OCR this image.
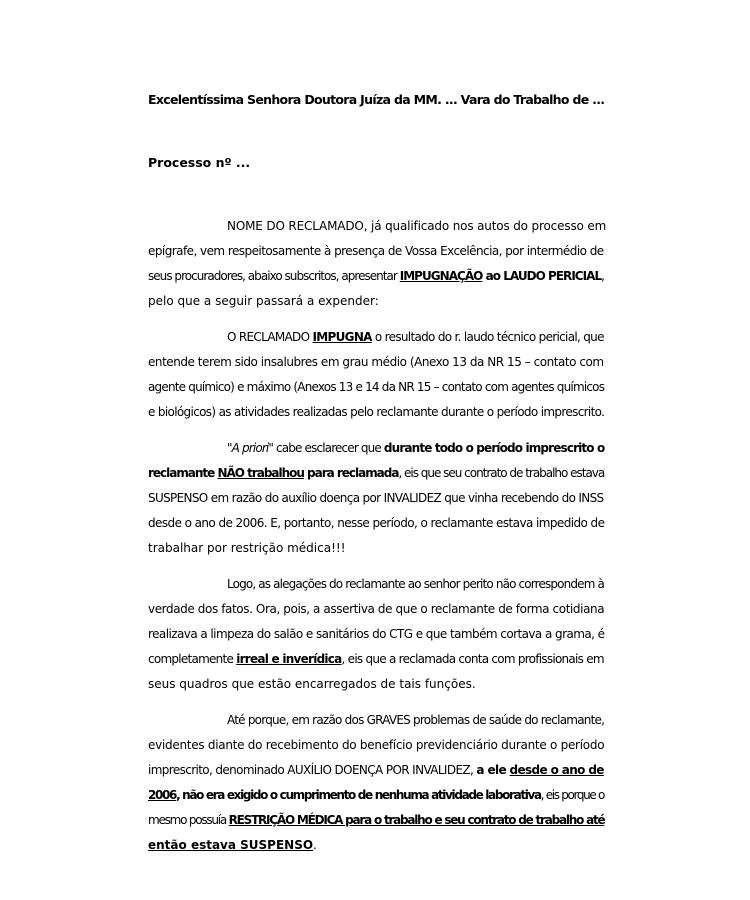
Excelentíssima Senhora Doutora Juíza da MM. ... Vara do Trabalho de ...
Processo nº ...
NOME DO RECLAMADO, já qualificado nos autos do processo em
epígrafe, vem respeitosamente à presença de Vossa Excelência, por intermédio de
seus procuradores, abaixo subscritos, apresentar IMPUGNAÇÃO ao LAUDO PERICIAL,
pelo que a seguir passará a expender:
O RECLAMADO IMPUGNA o resultado do r. laudo técnico pericial, que
entende terem sido insalubres em grau médio (Anexo 13 da NR 15 – contato com
agente químico) e máximo (Anexos 13 e 14 da NR 15 – contato com agentes químicos
e biológicos) as atividades realizadas pelo reclamante durante o período imprescrito.
"A priori" cabe esclarecer que durante todo o período imprescrito o
reclamante NÃO trabalhou para reclamada, eis que seu contrato de trabalho estava
SUSPENSO em razão do auxílio doença por INVALIDEZ que vinha recebendo do INSS
desde o ano de 2006. E, portanto, nesse período, o reclamante estava impedido de
trabalhar por restrição médica!!!
Logo, as alegações do reclamante ao senhor perito não correspondem à
verdade dos fatos. Ora, pois, a assertiva de que o reclamante de forma cotidiana
realizava a limpeza do salão e sanitários do CTG e que também cortava a grama, é
completamente irreal e inverídica, eis que a reclamada conta com profissionais em
seus quadros que estão encarregados de tais funções.
Até porque, em razão dos GRAVES problemas de saúde do reclamante,
evidentes diante do recebimento do benefício previdenciário durante o período
imprescrito, denominado AUXÍLIO DOENÇA POR INVALIDEZ, a ele desde o ano de
2006, não era exigido o cumprimento de nenhuma atividade laborativa, eis porque o
mesmo possuía RESTRIÇÃO MÉDICA para o trabalho e seu contrato de trabalho até
então estava SUSPENSO.
